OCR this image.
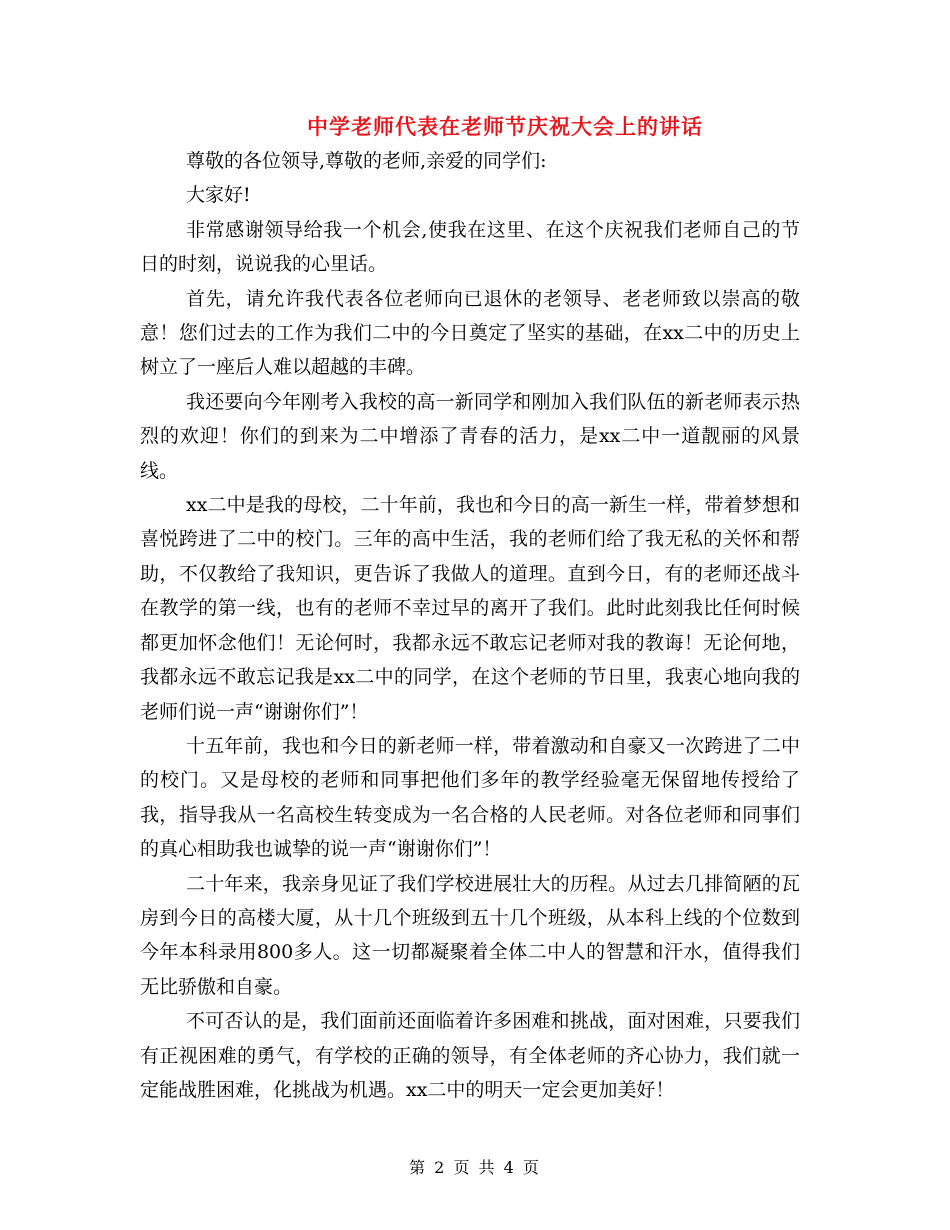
中学老师代表在老师节庆祝大会上的讲话

尊敬的各位领导,尊敬的老师,亲爱的同学们:

大家好!

非常感谢领导给我一个机会,使我在这里、在这个庆祝我们老师自己的节日的时刻，说说我的心里话。

首先，请允许我代表各位老师向已退休的老领导、老老师致以崇高的敬意！您们过去的工作为我们二中的今日奠定了坚实的基础，在xx二中的历史上树立了一座后人难以超越的丰碑。

我还要向今年刚考入我校的高一新同学和刚加入我们队伍的新老师表示热烈的欢迎！你们的到来为二中增添了青春的活力，是xx二中一道靓丽的风景线。

xx二中是我的母校，二十年前，我也和今日的高一新生一样，带着梦想和喜悦跨进了二中的校门。三年的高中生活，我的老师们给了我无私的关怀和帮助，不仅教给了我知识，更告诉了我做人的道理。直到今日，有的老师还战斗在教学的第一线，也有的老师不幸过早的离开了我们。此时此刻我比任何时候都更加怀念他们！无论何时，我都永远不敢忘记老师对我的教诲！无论何地，我都永远不敢忘记我是xx二中的同学，在这个老师的节日里，我衷心地向我的老师们说一声“谢谢你们”！

十五年前，我也和今日的新老师一样，带着激动和自豪又一次跨进了二中的校门。又是母校的老师和同事把他们多年的教学经验毫无保留地传授给了我，指导我从一名高校生转变成为一名合格的人民老师。对各位老师和同事们的真心相助我也诚挚的说一声“谢谢你们”！

二十年来，我亲身见证了我们学校进展壮大的历程。从过去几排简陋的瓦房到今日的高楼大厦，从十几个班级到五十几个班级，从本科上线的个位数到今年本科录用800多人。这一切都凝聚着全体二中人的智慧和汗水，值得我们无比骄傲和自豪。

不可否认的是，我们面前还面临着许多困难和挑战，面对困难，只要我们有正视困难的勇气，有学校的正确的领导，有全体老师的齐心协力，我们就一定能战胜困难，化挑战为机遇。xx二中的明天一定会更加美好！

第 2 页 共 4 页
